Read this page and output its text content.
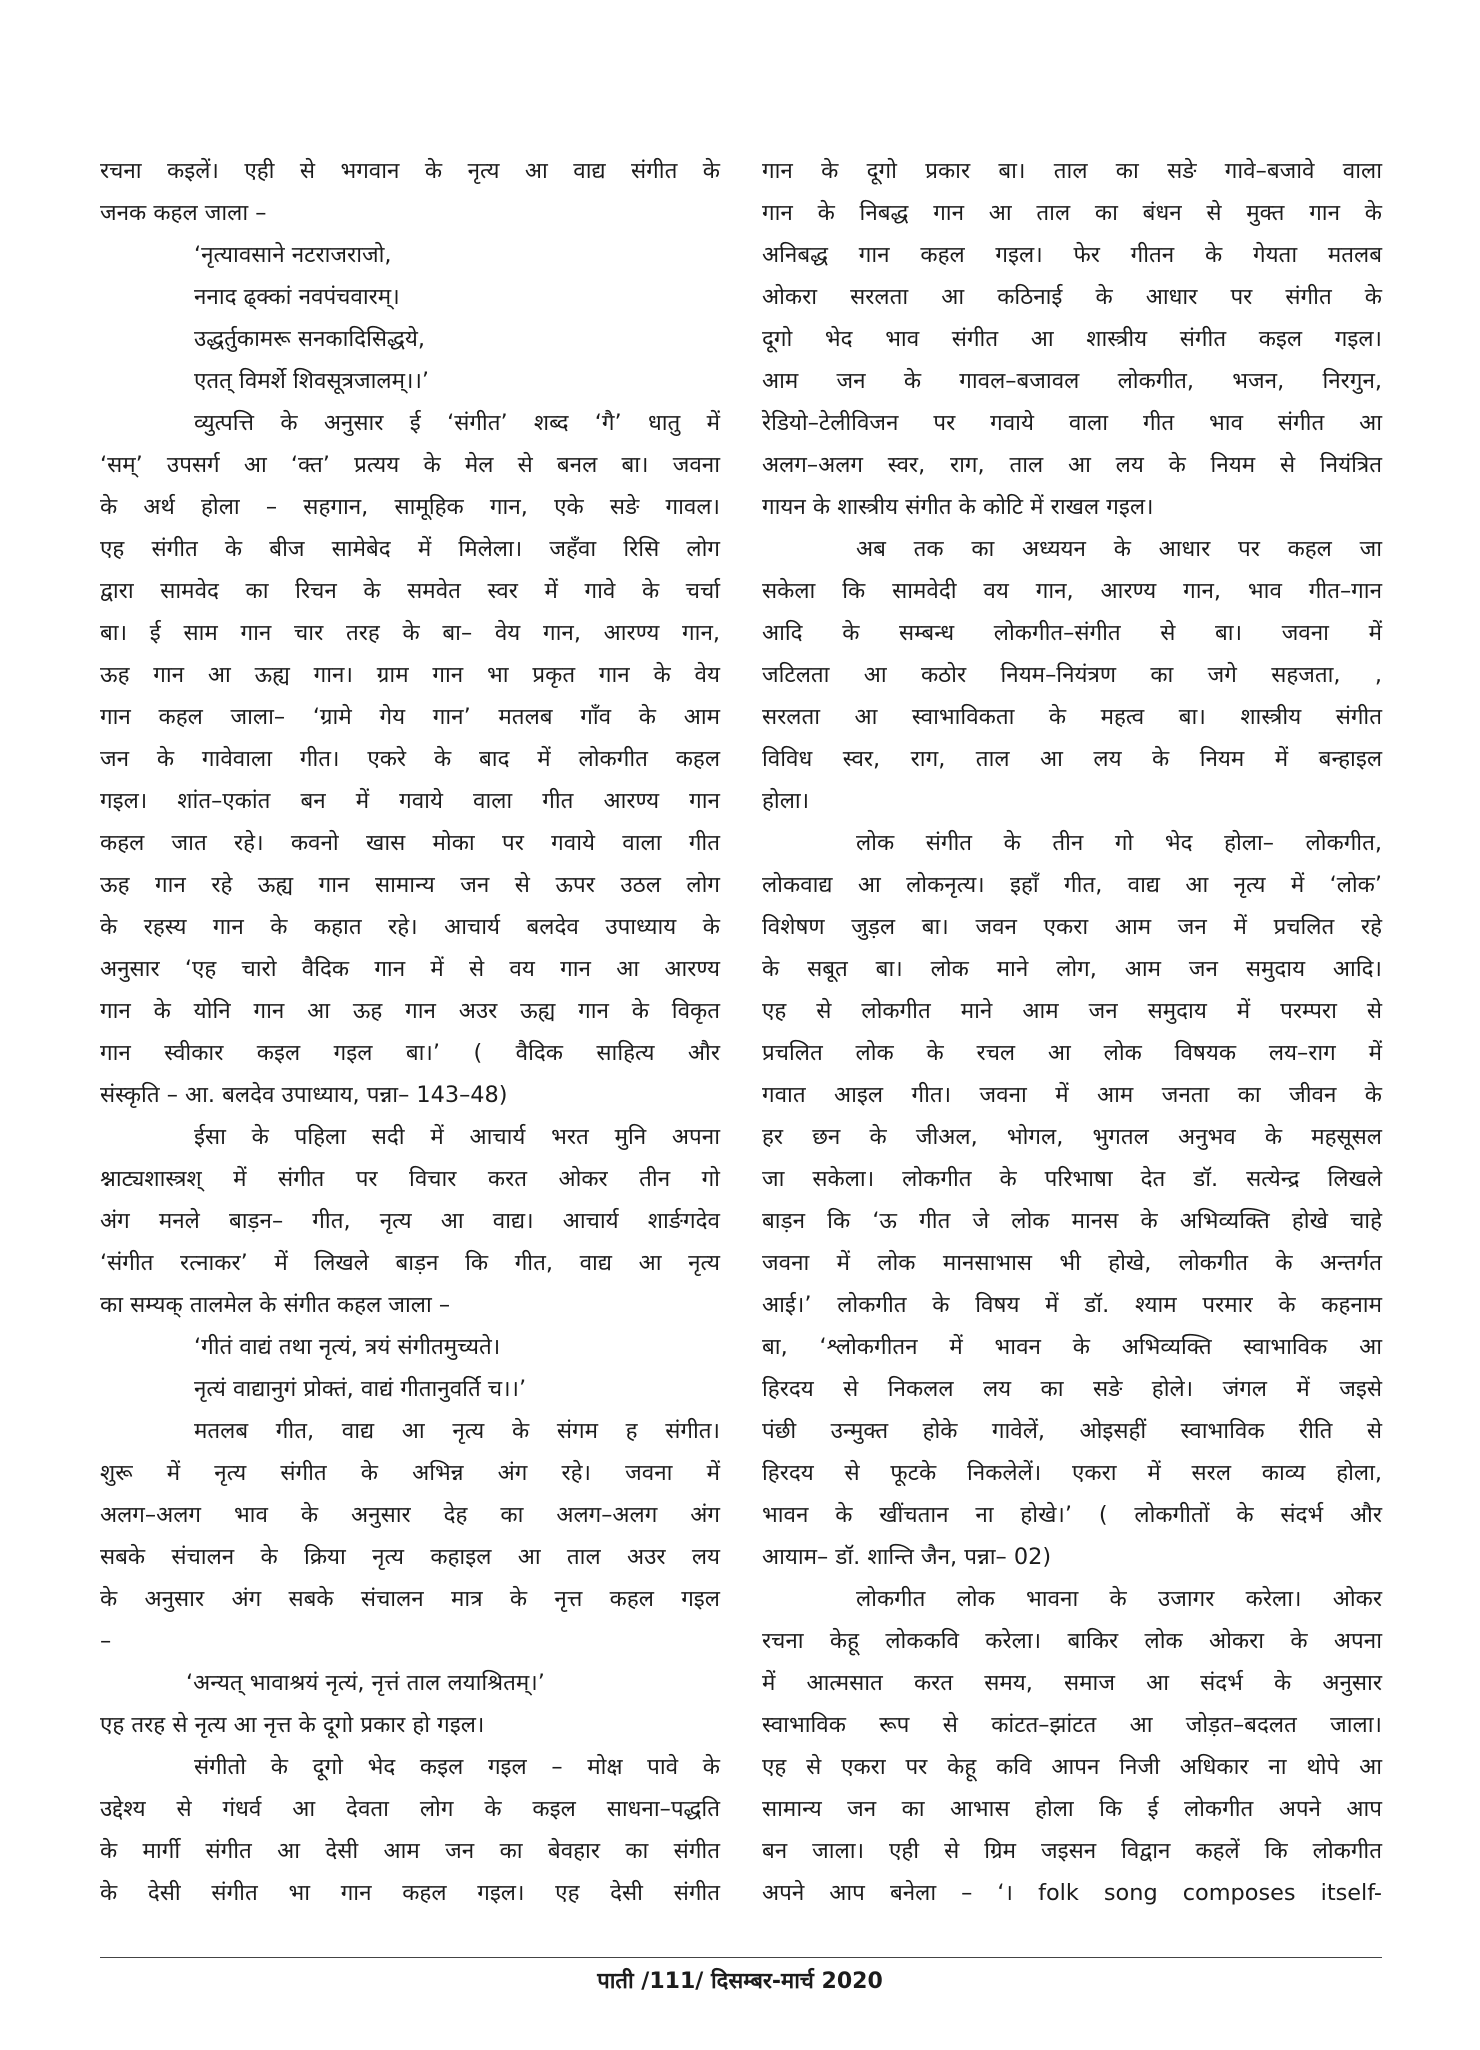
रचना कइलें। एही से भगवान के नृत्य आ वाद्य संगीत के
जनक कहल जाला –
‘नृत्यावसाने नटराजराजो,
ननाद ढ्क्कां नवपंचवारम्।
उद्धर्तुकामरू सनकादिसिद्धये,
एतत् विमर्शे शिवसूत्रजालम्।।’
व्युत्पत्ति के अनुसार ई ‘संगीत’ शब्द ‘गै’ धातु में
‘सम्’ उपसर्ग आ ‘क्त’ प्रत्यय के मेल से बनल बा। जवना
के अर्थ होला – सहगान, सामूहिक गान, एके सङे गावल।
एह संगीत के बीज सामेबेद में मिलेला। जहँवा रिसि लोग
द्वारा सामवेद का रिचन के समवेत स्वर में गावे के चर्चा
बा। ई साम गान चार तरह के बा– वेय गान, आरण्य गान,
ऊह गान आ ऊह्य गान। ग्राम गान भा प्रकृत गान के वेय
गान कहल जाला– ‘ग्रामे गेय गान’ मतलब गाँव के आम
जन के गावेवाला गीत। एकरे के बाद में लोकगीत कहल
गइल। शांत–एकांत बन में गवाये वाला गीत आरण्य गान
कहल जात रहे। कवनो खास मोका पर गवाये वाला गीत
ऊह गान रहे ऊह्य गान सामान्य जन से ऊपर उठल लोग
के रहस्य गान के कहात रहे। आचार्य बलदेव उपाध्याय के
अनुसार ‘एह चारो वैदिक गान में से वय गान आ आरण्य
गान के योनि गान आ ऊह गान अउर ऊह्य गान के विकृत
गान स्वीकार कइल गइल बा।’ ( वैदिक साहित्य और
संस्कृति – आ. बलदेव उपाध्याय, पन्ना– 143–48)
ईसा के पहिला सदी में आचार्य भरत मुनि अपना
श्नाट्यशास्त्रश् में संगीत पर विचार करत ओकर तीन गो
अंग मनले बाड़न– गीत, नृत्य आ वाद्य। आचार्य शार्ङगदेव
‘संगीत रत्नाकर’ में लिखले बाड़न कि गीत, वाद्य आ नृत्य
का सम्यक् तालमेल के संगीत कहल जाला –
‘गीतं वाद्यं तथा नृत्यं, त्रयं संगीतमुच्यते।
नृत्यं वाद्यानुगं प्रोक्तं, वाद्यं गीतानुवर्ति च।।’
मतलब गीत, वाद्य आ नृत्य के संगम ह संगीत।
शुरू में नृत्य संगीत के अभिन्न अंग रहे। जवना में
अलग–अलग भाव के अनुसार देह का अलग–अलग अंग
सबके संचालन के क्रिया नृत्य कहाइल आ ताल अउर लय
के अनुसार अंग सबके संचालन मात्र के नृत्त कहल गइल
–
‘अन्यत् भावाश्रयं नृत्यं, नृत्तं ताल लयाश्रितम्।’
एह तरह से नृत्य आ नृत्त के दूगो प्रकार हो गइल।
संगीतो के दूगो भेद कइल गइल – मोक्ष पावे के
उद्देश्य से गंधर्व आ देवता लोग के कइल साधना–पद्धति
के मार्गी संगीत आ देसी आम जन का बेवहार का संगीत
के देसी संगीत भा गान कहल गइल। एह देसी संगीत
गान के दूगो प्रकार बा। ताल का सङे गावे–बजावे वाला
गान के निबद्ध गान आ ताल का बंधन से मुक्त गान के
अनिबद्ध गान कहल गइल। फेर गीतन के गेयता मतलब
ओकरा सरलता आ कठिनाई के आधार पर संगीत के
दूगो भेद भाव संगीत आ शास्त्रीय संगीत कइल गइल।
आम जन के गावल–बजावल लोकगीत, भजन, निरगुन,
रेडियो–टेलीविजन पर गवाये वाला गीत भाव संगीत आ
अलग–अलग स्वर, राग, ताल आ लय के नियम से नियंत्रित
गायन के शास्त्रीय संगीत के कोटि में राखल गइल।
अब तक का अध्ययन के आधार पर कहल जा
सकेला कि सामवेदी वय गान, आरण्य गान, भाव गीत–गान
आदि के सम्बन्ध लोकगीत–संगीत से बा। जवना में
जटिलता आ कठोर नियम–नियंत्रण का जगे सहजता, ,
सरलता आ स्वाभाविकता के महत्व बा। शास्त्रीय संगीत
विविध स्वर, राग, ताल आ लय के नियम में बन्हाइल
होला।
लोक संगीत के तीन गो भेद होला– लोकगीत,
लोकवाद्य आ लोकनृत्य। इहाँ गीत, वाद्य आ नृत्य में ‘लोक’
विशेषण जुड़ल बा। जवन एकरा आम जन में प्रचलित रहे
के सबूत बा। लोक माने लोग, आम जन समुदाय आदि।
एह से लोकगीत माने आम जन समुदाय में परम्परा से
प्रचलित लोक के रचल आ लोक विषयक लय–राग में
गवात आइल गीत। जवना में आम जनता का जीवन के
हर छन के जीअल, भोगल, भुगतल अनुभव के महसूसल
जा सकेला। लोकगीत के परिभाषा देत डॉ. सत्येन्द्र लिखले
बाड़न कि ‘ऊ गीत जे लोक मानस के अभिव्यक्ति होखे चाहे
जवना में लोक मानसाभास भी होखे, लोकगीत के अन्तर्गत
आई।’ लोकगीत के विषय में डॉ. श्याम परमार के कहनाम
बा, ‘श्लोकगीतन में भावन के अभिव्यक्ति स्वाभाविक आ
हिरदय से निकलल लय का सङे होले। जंगल में जइसे
पंछी उन्मुक्त होके गावेलें, ओइसहीं स्वाभाविक रीति से
हिरदय से फूटके निकलेलें। एकरा में सरल काव्य होला,
भावन के खींचतान ना होखे।’ ( लोकगीतों के संदर्भ और
आयाम– डॉ. शान्ति जैन, पन्ना– 02)
लोकगीत लोक भावना के उजागर करेला। ओकर
रचना केहू लोककवि करेला। बाकिर लोक ओकरा के अपना
में आत्मसात करत समय, समाज आ संदर्भ के अनुसार
स्वाभाविक रूप से कांटत–झांटत आ जोड़त–बदलत जाला।
एह से एकरा पर केहू कवि आपन निजी अधिकार ना थोपे आ
सामान्य जन का आभास होला कि ई लोकगीत अपने आप
बन जाला। एही से ग्रिम जइसन विद्वान कहलें कि लोकगीत
अपने आप बनेला – ‘। folk song composes itself-
पाती /111/ दिसम्बर-मार्च 2020
